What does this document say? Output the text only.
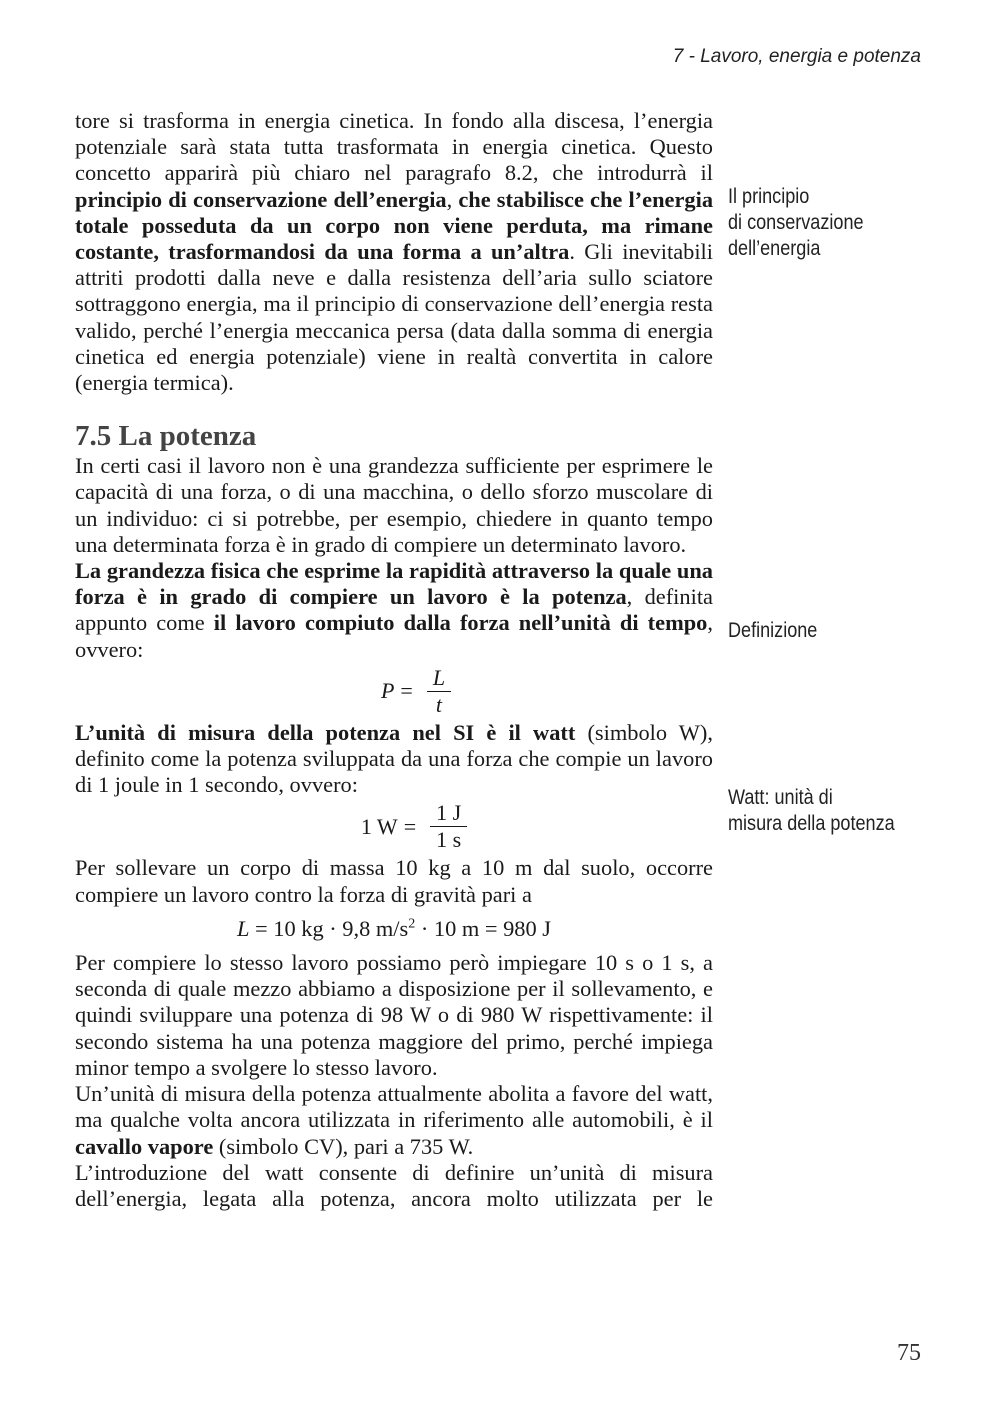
7 - Lavoro, energia e potenza

tore si trasforma in energia cinetica. In fondo alla discesa, l’energia potenziale sarà stata tutta trasformata in energia cinetica. Questo concetto apparirà più chiaro nel paragrafo 8.2, che introdurrà il principio di conservazione dell’energia, che stabilisce che l’energia totale posseduta da un corpo non viene perduta, ma rimane costante, trasformandosi da una forma a un’altra. Gli inevitabili attriti prodotti dalla neve e dalla resistenza dell’aria sullo sciatore sottraggono energia, ma il principio di conservazione dell’energia resta valido, perché l’energia meccanica persa (data dalla somma di energia cinetica ed energia potenziale) viene in realtà convertita in calore (energia termica).

7.5 La potenza

In certi casi il lavoro non è una grandezza sufficiente per esprimere le capacità di una forza, o di una macchina, o dello sforzo muscolare di un individuo: ci si potrebbe, per esempio, chiedere in quanto tempo una determinata forza è in grado di compiere un determinato lavoro.

La grandezza fisica che esprime la rapidità attraverso la quale una forza è in grado di compiere un lavoro è la potenza, definita appunto come il lavoro compiuto dalla forza nell’unità di tempo, ovvero:

$P = \frac{L}{t}$

L’unità di misura della potenza nel SI è il watt (simbolo W), definito come la potenza sviluppata da una forza che compie un lavoro di 1 joule in 1 secondo, ovvero:

1 $W = \frac{1 J}{1 s}$

Per sollevare un corpo di massa 10 kg a 10 m dal suolo, occorre compiere un lavoro contro la forza di gravità pari a

L = 10 kg · 9,8 $m/s^2 \cdot 10$ m = 980 J

Per compiere lo stesso lavoro possiamo però impiegare 10 s o 1 s, a seconda di quale mezzo abbiamo a disposizione per il sollevamento, e quindi sviluppare una potenza di 98 W o di 980 W rispettivamente: il secondo sistema ha una potenza maggiore del primo, perché impiega minor tempo a svolgere lo stesso lavoro.

Un’unità di misura della potenza attualmente abolita a favore del watt, ma qualche volta ancora utilizzata in riferimento alle automobili, è il cavallo vapore (simbolo CV), pari a 735 W.

L’introduzione del watt consente di definire un’unità di misura dell’energia, legata alla potenza, ancora molto utilizzata per le

Il principio
di conservazione
dell’energia
Definizione
Watt: unità di
misura della potenza
75
